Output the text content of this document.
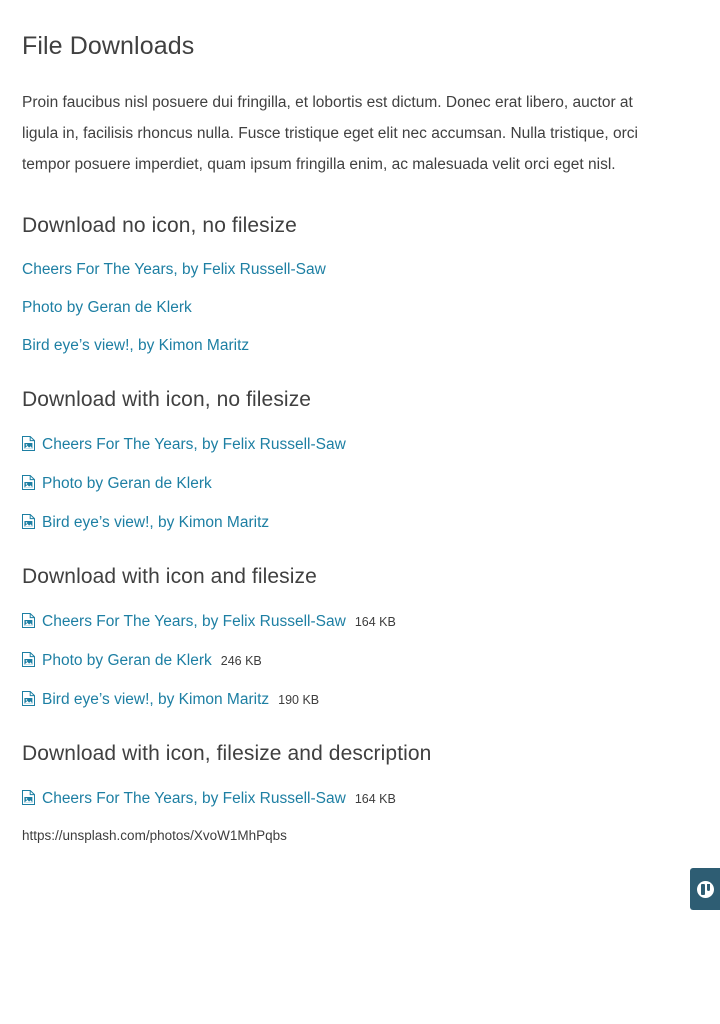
File Downloads

Proin faucibus nisl posuere dui fringilla, et lobortis est dictum. Donec erat libero, auctor at ligula in, facilisis rhoncus nulla. Fusce tristique eget elit nec accumsan. Nulla tristique, orci tempor posuere imperdiet, quam ipsum fringilla enim, ac malesuada velit orci eget nisl.

Download no icon, no filesize
Cheers For The Years, by Felix Russell-Saw
Photo by Geran de Klerk
Bird eye’s view!, by Kimon Maritz
Download with icon, no filesize
Cheers For The Years, by Felix Russell-Saw
Photo by Geran de Klerk
Bird eye’s view!, by Kimon Maritz
Download with icon and filesize
Cheers For The Years, by Felix Russell-Saw 164 KB
Photo by Geran de Klerk 246 KB
Bird eye’s view!, by Kimon Maritz 190 KB
Download with icon, filesize and description
Cheers For The Years, by Felix Russell-Saw 164 KB
https://unsplash.com/photos/XvoW1MhPqbs
